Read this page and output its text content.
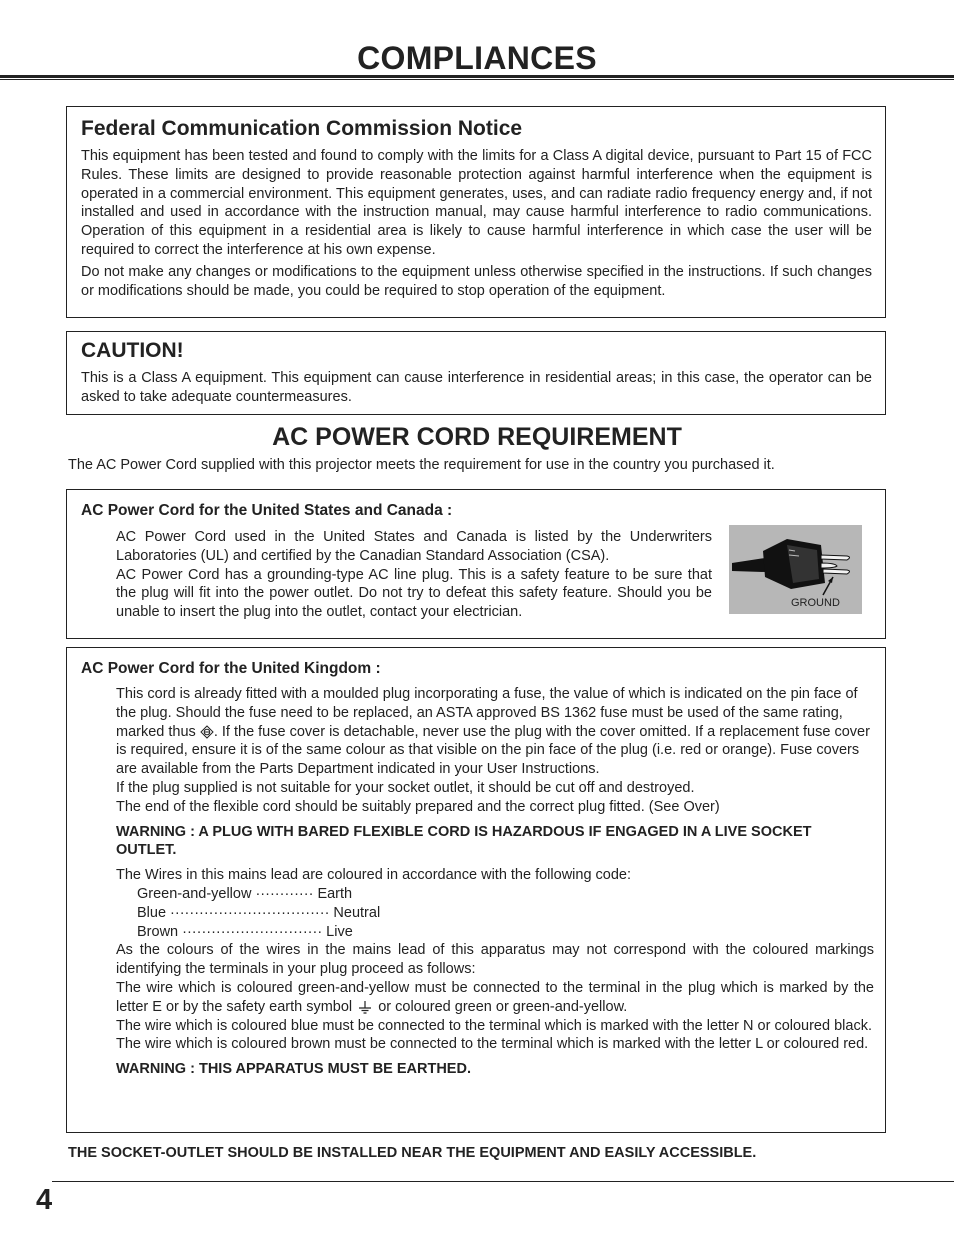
COMPLIANCES
Federal Communication Commission Notice

This equipment has been tested and found to comply with the limits for a Class A digital device, pursuant to Part 15 of FCC Rules. These limits are designed to provide reasonable protection against harmful interference when the equipment is operated in a commercial environment. This equipment generates, uses, and can radiate radio frequency energy and, if not installed and used in accordance with the instruction manual, may cause harmful interference to radio communications. Operation of this equipment in a residential area is likely to cause harmful interference in which case the user will be required to correct the interference at his own expense.

Do not make any changes or modifications to the equipment unless otherwise specified in the instructions. If such changes or modifications should be made, you could be required to stop operation of the equipment.

CAUTION!

This is a Class A equipment. This equipment can cause interference in residential areas; in this case, the operator can be asked to take adequate countermeasures.

AC POWER CORD REQUIREMENT
The AC Power Cord supplied with this projector meets the requirement for use in the country you purchased it.
AC Power Cord for the United States and Canada :

AC Power Cord used in the United States and Canada is listed by the Underwriters Laboratories (UL) and certified by the Canadian Standard Association (CSA).

AC Power Cord has a grounding-type AC line plug. This is a safety feature to be sure that the plug will fit into the power outlet. Do not try to defeat this safety feature. Should you be unable to insert the plug into the outlet, contact your electrician.

GROUND
AC Power Cord for the United Kingdom :

This cord is already fitted with a moulded plug incorporating a fuse, the value of which is indicated on the pin face of the plug. Should the fuse need to be replaced, an ASTA approved BS 1362 fuse must be used of the same rating, marked thus . If the fuse cover is detachable, never use the plug with the cover omitted. If a replacement fuse cover is required, ensure it is of the same colour as that visible on the pin face of the plug (i.e. red or orange). Fuse covers are available from the Parts Department indicated in your User Instructions.

If the plug supplied is not suitable for your socket outlet, it should be cut off and destroyed.

The end of the flexible cord should be suitably prepared and the correct plug fitted. (See Over)

WARNING : A PLUG WITH BARED FLEXIBLE CORD IS HAZARDOUS IF ENGAGED IN A LIVE SOCKET OUTLET.

The Wires in this mains lead are coloured in accordance with the following code:

Green-and-yellow ············ Earth

Blue ································· Neutral

Brown ····························· Live

As the colours of the wires in the mains lead of this apparatus may not correspond with the coloured markings identifying the terminals in your plug proceed as follows:

The wire which is coloured green-and-yellow must be connected to the terminal in the plug which is marked by the letter E or by the safety earth symbol or coloured green or green-and-yellow.

The wire which is coloured blue must be connected to the terminal which is marked with the letter N or coloured black.

The wire which is coloured brown must be connected to the terminal which is marked with the letter L or coloured red.

WARNING : THIS APPARATUS MUST BE EARTHED.

THE SOCKET-OUTLET SHOULD BE INSTALLED NEAR THE EQUIPMENT AND EASILY ACCESSIBLE.
4
